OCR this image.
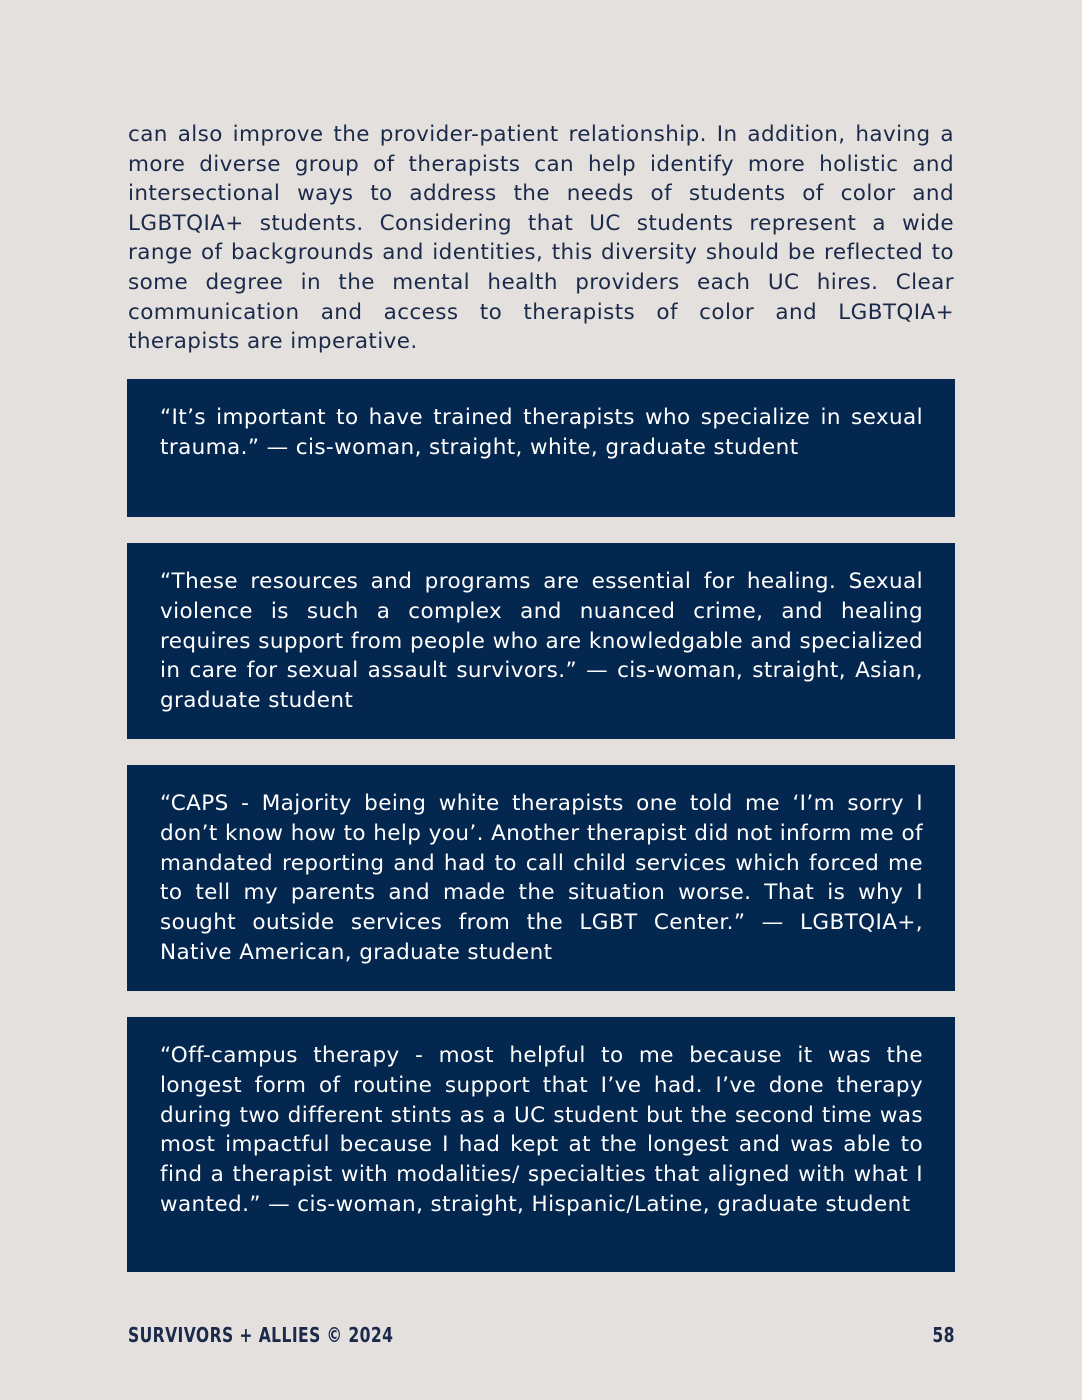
can also improve the provider-patient relationship. In addition, having a more diverse group of therapists can help identify more holistic and intersectional ways to address the needs of students of color and LGBTQIA+ students. Considering that UC students represent a wide range of backgrounds and identities, this diversity should be reflected to some degree in the mental health providers each UC hires. Clear communication and access to therapists of color and LGBTQIA+ therapists are imperative.

“It’s important to have trained therapists who specialize in sexual trauma.” — cis-woman, straight, white, graduate student

“These resources and programs are essential for healing. Sexual violence is such a complex and nuanced crime, and healing requires support from people who are knowledgable and specialized in care for sexual assault survivors.” — cis-woman, straight, Asian, graduate student

“CAPS - Majority being white therapists one told me ‘I’m sorry I don’t know how to help you’. Another therapist did not inform me of mandated reporting and had to call child services which forced me to tell my parents and made the situation worse. That is why I sought outside services from the LGBT Center.” — LGBTQIA+, Native American, graduate student

“Off-campus therapy - most helpful to me because it was the longest form of routine support that I’ve had. I’ve done therapy during two different stints as a UC student but the second time was most impactful because I had kept at the longest and was able to find a therapist with modalities/ specialties that aligned with what I wanted.” — cis-woman, straight, Hispanic/Latine, graduate student

SURVIVORS + ALLIES © 2024	58
